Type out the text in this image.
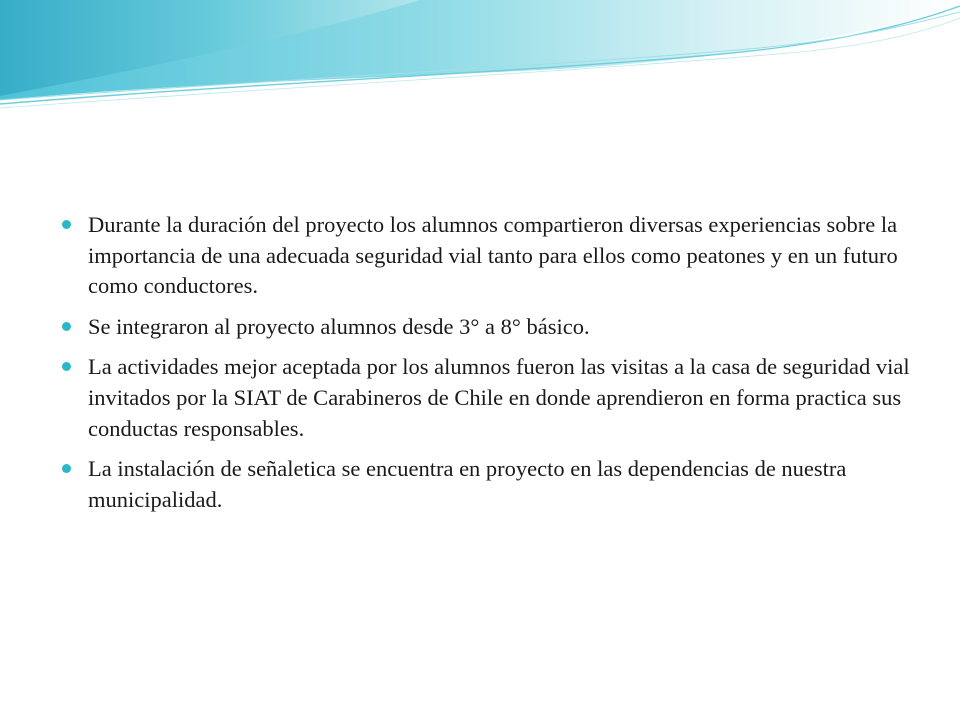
Durante la duración del proyecto los alumnos compartieron diversas experiencias sobre la importancia de una adecuada seguridad vial tanto para ellos como peatones y en un futuro como conductores.
Se integraron al proyecto alumnos desde 3° a 8° básico.
La actividades mejor aceptada por los alumnos fueron las visitas a la casa de seguridad vial invitados por la SIAT de Carabineros de Chile en donde aprendieron en forma practica sus conductas responsables.
La instalación de señaletica se encuentra en proyecto en las dependencias de nuestra municipalidad.
